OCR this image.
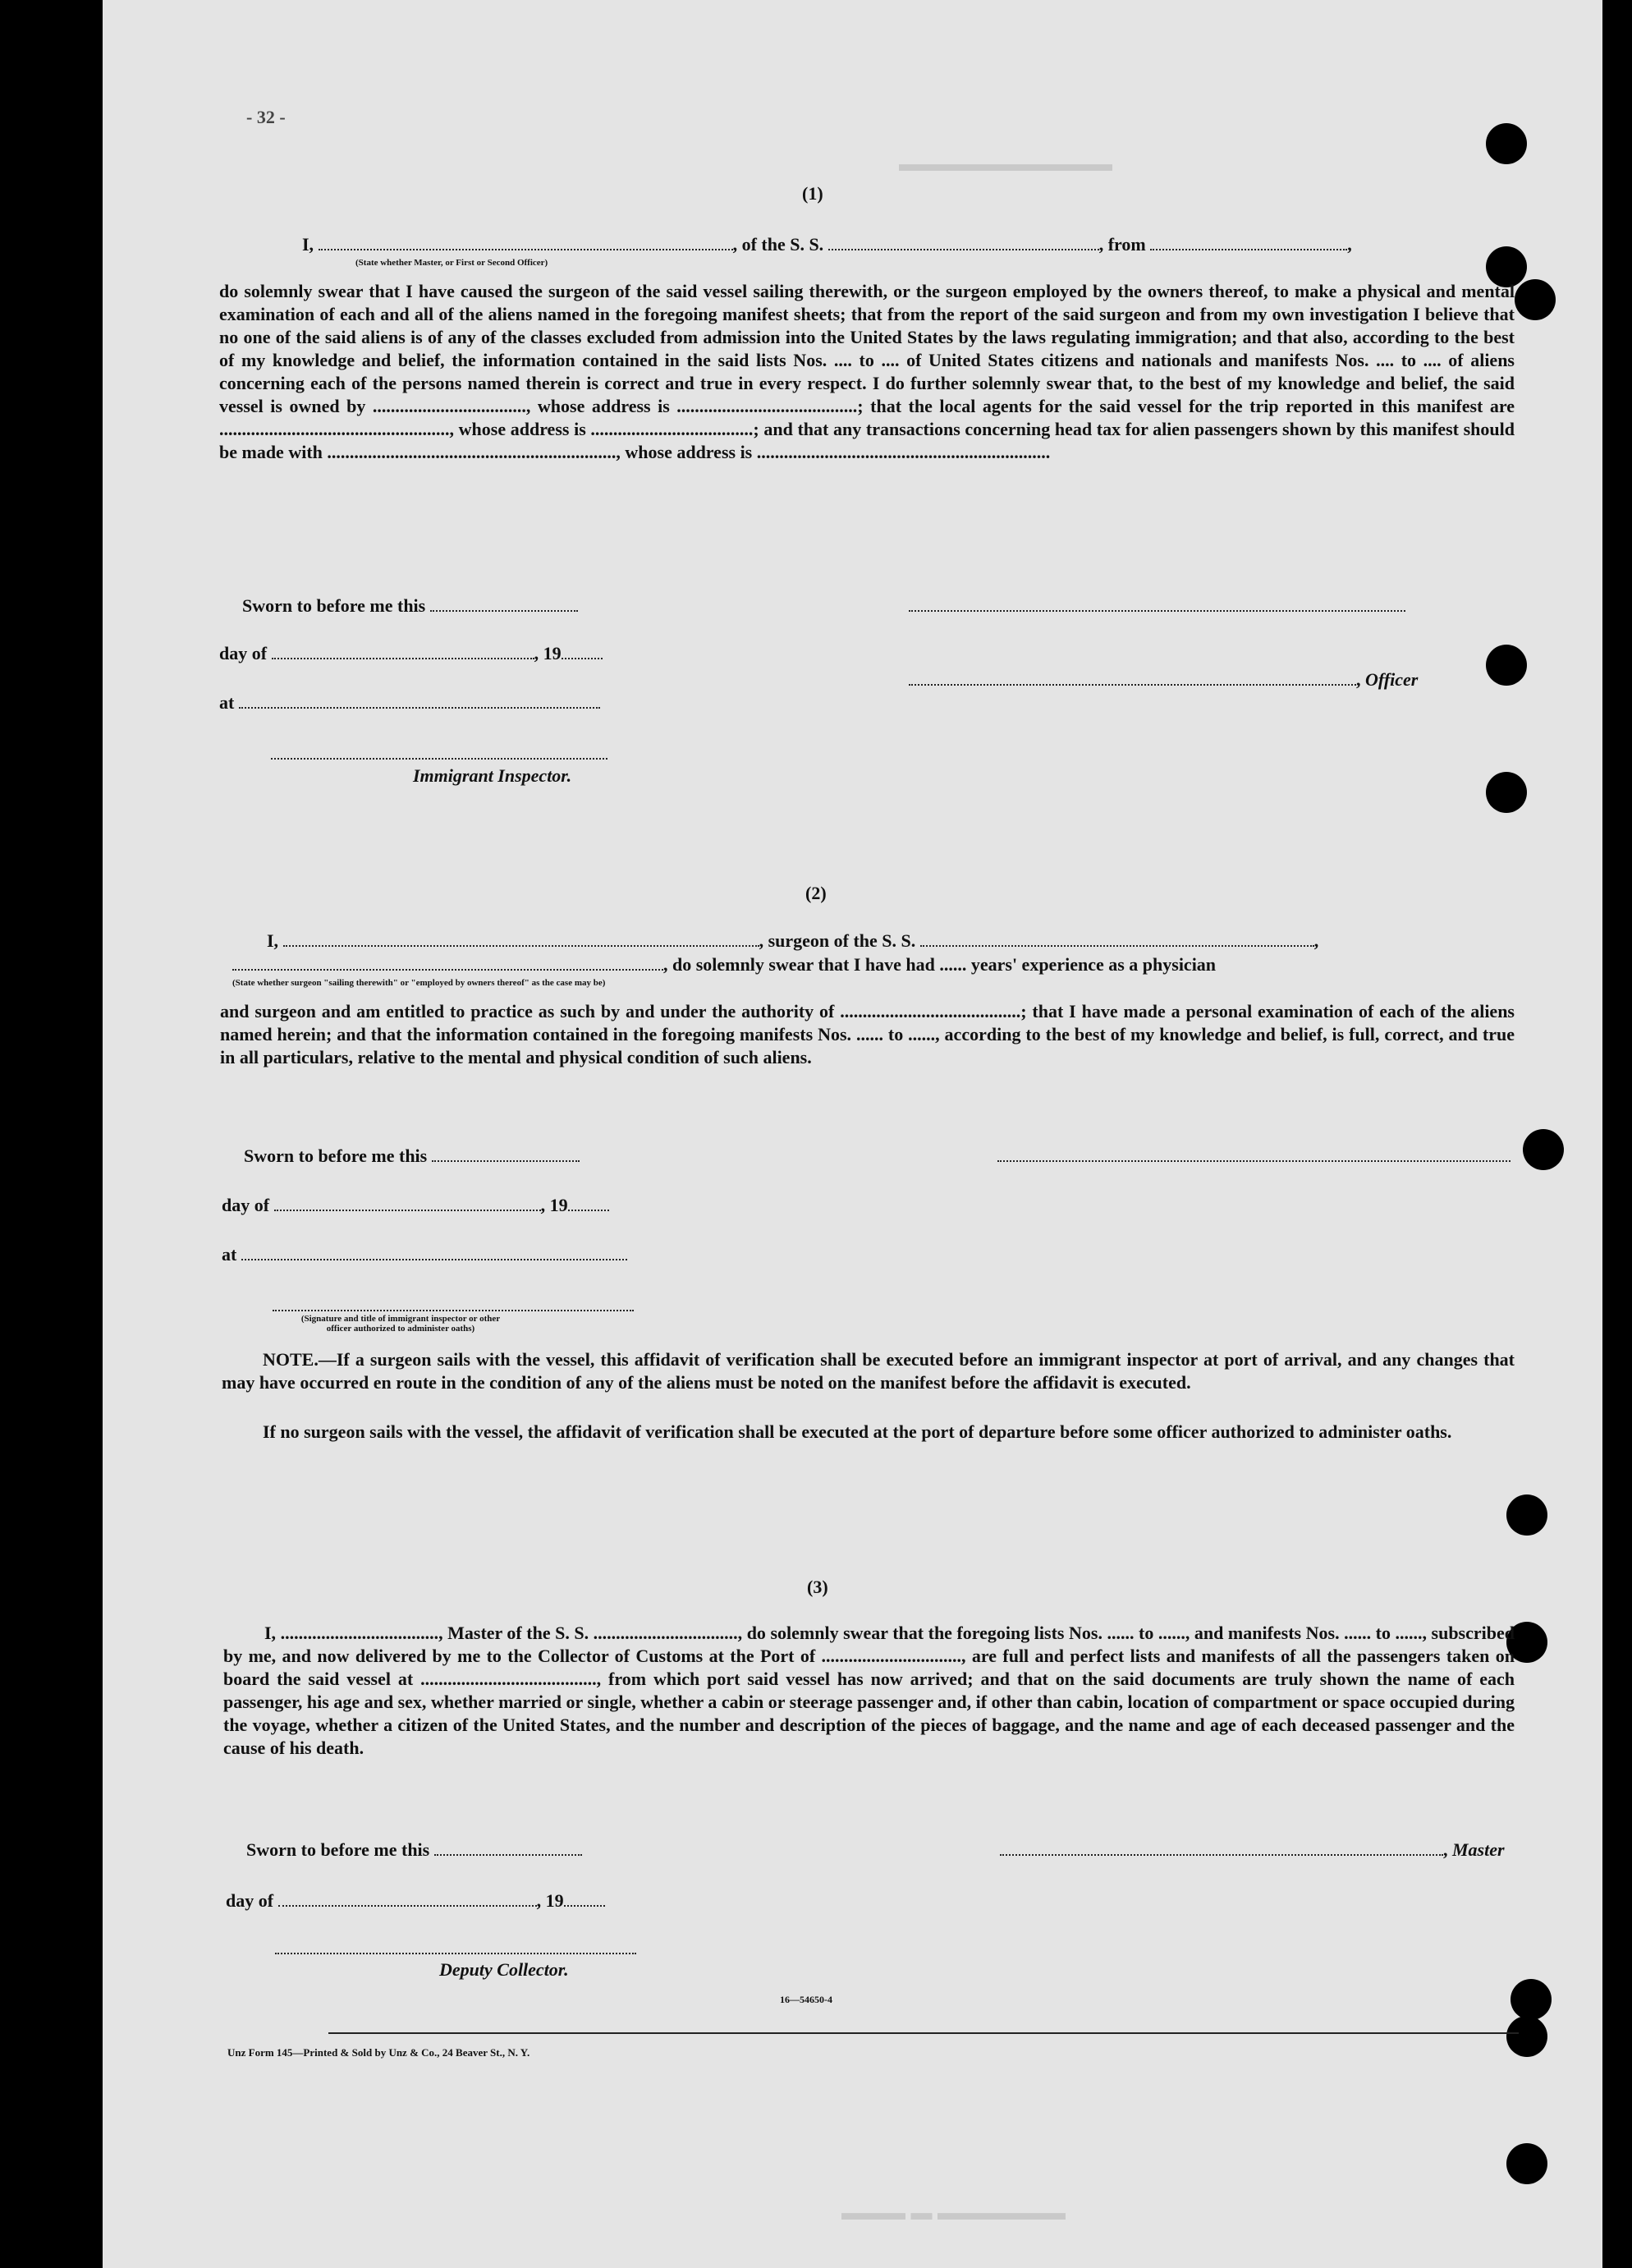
▬▬▬▬▬▬▬▬▬▬
▬▬▬ ▬ ▬▬▬▬▬▬
- 32 -
(1)
I,	, of the S. S.	, from	,
(State whether Master, or First or Second Officer)

do solemnly swear that I have caused the surgeon of the said vessel sailing therewith, or the surgeon employed by the owners thereof, to make a physical and mental examination of each and all of the aliens named in the foregoing manifest sheets; that from the report of the said surgeon and from my own investigation I believe that no one of the said aliens is of any of the classes excluded from admission into the United States by the laws regulating immigration; and that also, according to the best of my knowledge and belief, the information contained in the said lists Nos. .... to .... of United States citizens and nationals and manifests Nos. .... to .... of aliens concerning each of the persons named therein is correct and true in every respect. I do further solemnly swear that, to the best of my knowledge and belief, the said vessel is owned by .................................., whose address is ........................................; that the local agents for the said vessel for the trip reported in this manifest are ..................................................., whose address is ....................................; and that any transactions concerning head tax for alien passengers shown by this manifest should be made with ................................................................, whose address is .................................................................

Sworn to before me this
day of	, 19
, Officer
at
Immigrant Inspector.
(2)
I,	, surgeon of the S. S.	,
, do solemnly swear that I have had ...... years' experience as a physician
(State whether surgeon "sailing therewith" or "employed by owners thereof" as the case may be)

and surgeon and am entitled to practice as such by and under the authority of ........................................; that I have made a personal examination of each of the aliens named herein; and that the information contained in the foregoing manifests Nos. ...... to ......, according to the best of my knowledge and belief, is full, correct, and true in all particulars, relative to the mental and physical condition of such aliens.

Sworn to before me this
day of	, 19
at
(Signature and title of immigrant inspector or other officer authorized to administer oaths)

NOTE.—If a surgeon sails with the vessel, this affidavit of verification shall be executed before an immigrant inspector at port of arrival, and any changes that may have occurred en route in the condition of any of the aliens must be noted on the manifest before the affidavit is executed.

If no surgeon sails with the vessel, the affidavit of verification shall be executed at the port of departure before some officer authorized to administer oaths.

(3)

I, ..................................., Master of the S. S. ................................, do solemnly swear that the foregoing lists Nos. ...... to ......, and manifests Nos. ...... to ......, subscribed by me, and now delivered by me to the Collector of Customs at the Port of ..............................., are full and perfect lists and manifests of all the passengers taken on board the said vessel at ......................................., from which port said vessel has now arrived; and that on the said documents are truly shown the name of each passenger, his age and sex, whether married or single, whether a cabin or steerage passenger and, if other than cabin, location of compartment or space occupied during the voyage, whether a citizen of the United States, and the number and description of the pieces of baggage, and the name and age of each deceased passenger and the cause of his death.

Sworn to before me this	, Master
day of	, 19
Deputy Collector.
16—54650-4
Unz Form 145—Printed & Sold by Unz & Co., 24 Beaver St., N. Y.
